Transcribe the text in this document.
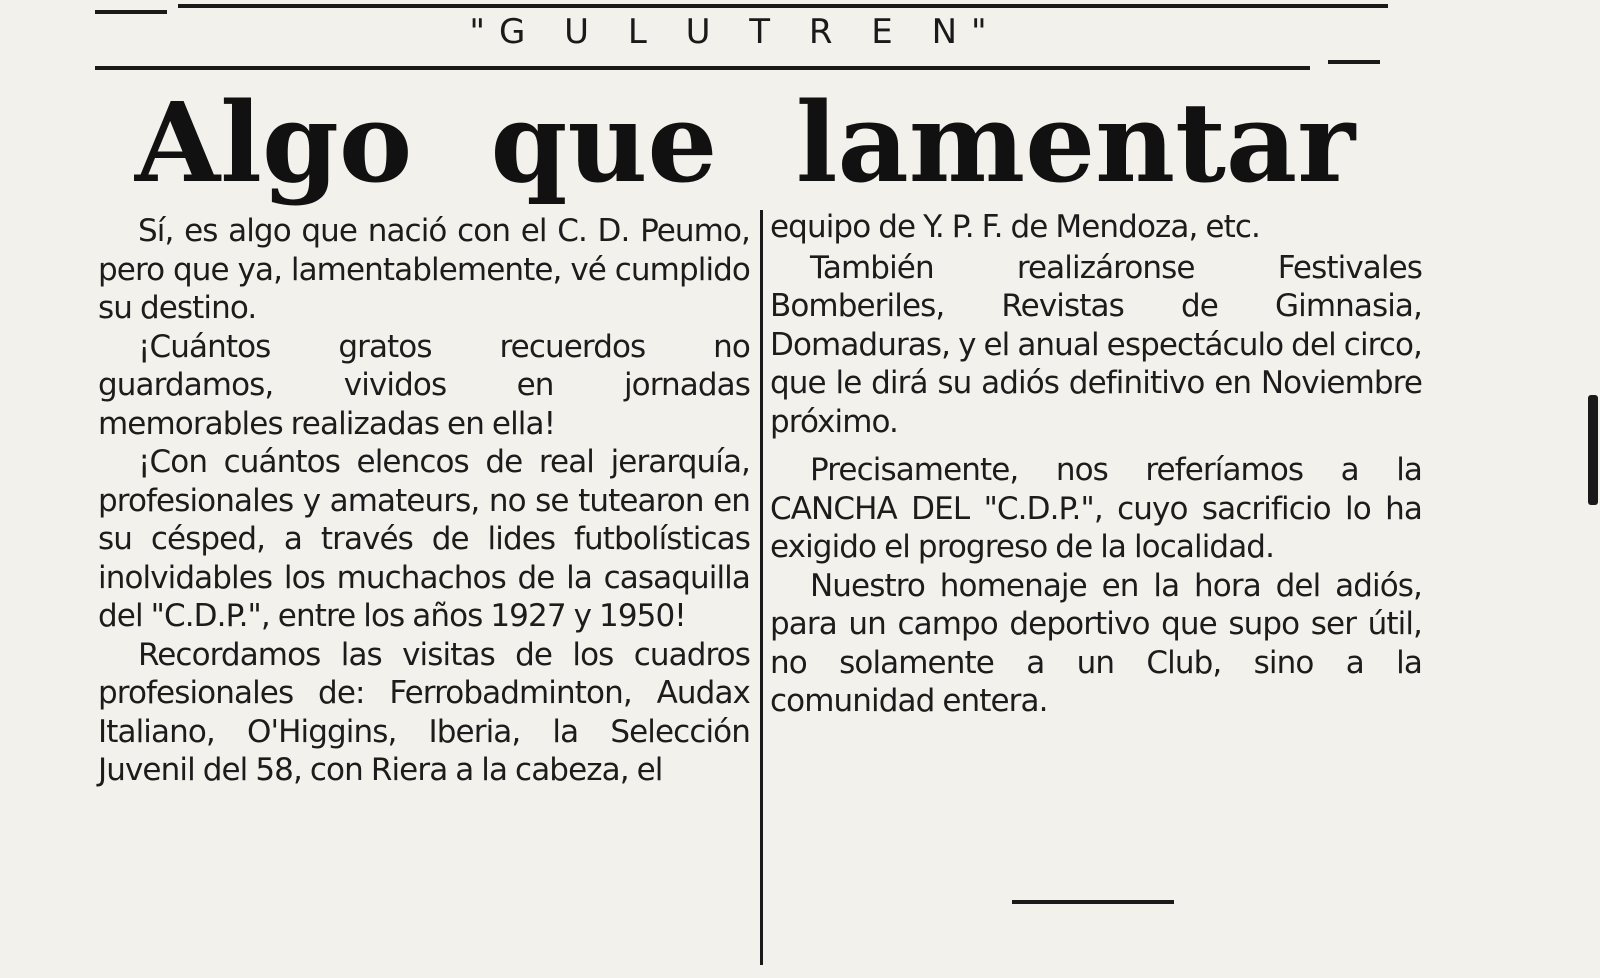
"G U L U T R E N"
Algo que lamentar

Sí, es algo que nació con el C. D. Peumo, pero que ya, lamentablemente, vé cumplido su destino.

¡Cuántos gratos recuerdos no guardamos, vividos en jornadas memorables realizadas en ella!

¡Con cuántos elencos de real jerarquía, profesionales y amateurs, no se tutearon en su césped, a través de lides futbolísticas inolvidables los muchachos de la casaquilla del "C.D.P.", entre los años 1927 y 1950!

Recordamos las visitas de los cuadros profesionales de: Ferrobadminton, Audax Italiano, O'Higgins, Iberia, la Selección Juvenil del 58, con Riera a la cabeza, el

equipo de Y. P. F. de Mendoza, etc.

También realizáronse Festivales Bomberiles, Revistas de Gimnasia, Domaduras, y el anual espectáculo del circo, que le dirá su adiós definitivo en Noviembre próximo.

Precisamente, nos referíamos a la CANCHA DEL "C.D.P.", cuyo sacrificio lo ha exigido el progreso de la localidad.

Nuestro homenaje en la hora del adiós, para un campo deportivo que supo ser útil, no solamente a un Club, sino a la comunidad entera.
